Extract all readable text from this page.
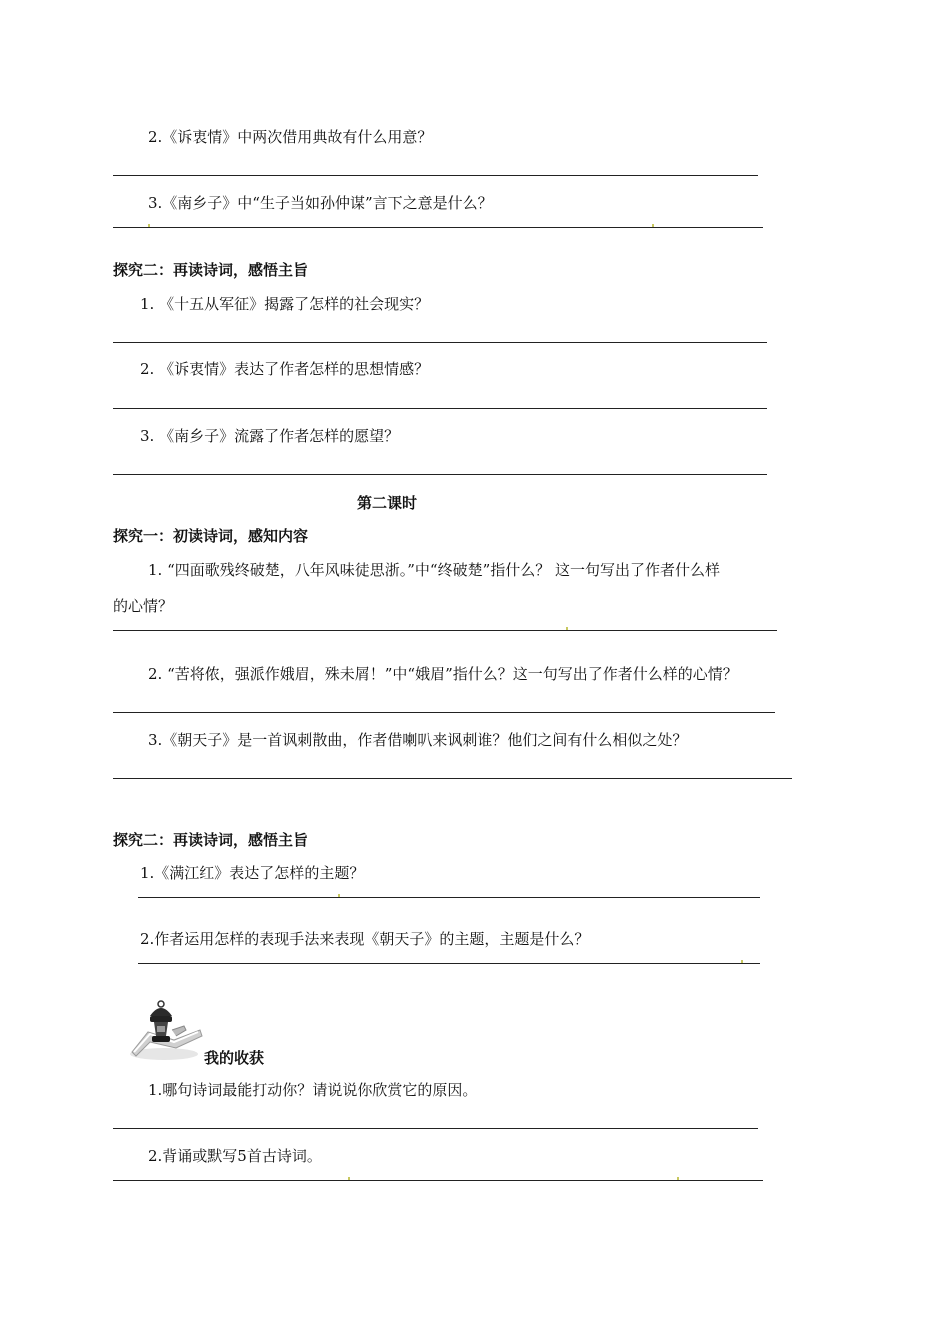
2.《诉衷情》中两次借用典故有什么用意？
3.《南乡子》中“生子当如孙仲谋”言下之意是什么？
探究二：再读诗词，感悟主旨
1. 《十五从军征》揭露了怎样的社会现实？
2. 《诉衷情》表达了作者怎样的思想情感？
3. 《南乡子》流露了作者怎样的愿望？
第二课时
探究一：初读诗词，感知内容
1. “四面歌残终破楚，八年风味徒思浙。”中“终破楚”指什么？ 这一句写出了作者什么样
的心情？
2. “苦将侬，强派作娥眉，殊未屑！”中“娥眉”指什么？这一句写出了作者什么样的心情？
3.《朝天子》是一首讽刺散曲，作者借喇叭来讽刺谁？他们之间有什么相似之处？
探究二：再读诗词，感悟主旨
1.《满江红》表达了怎样的主题？
2.作者运用怎样的表现手法来表现《朝天子》的主题，主题是什么？
我的收获
1.哪句诗词最能打动你？请说说你欣赏它的原因。
2.背诵或默写5首古诗词。
